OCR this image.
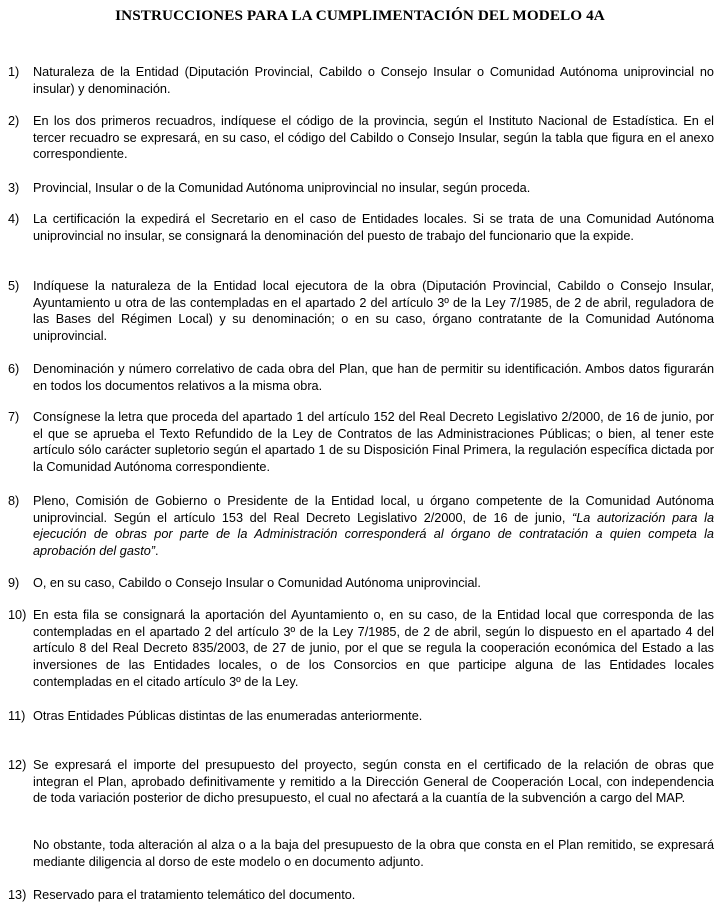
INSTRUCCIONES PARA LA CUMPLIMENTACIÓN DEL MODELO 4A
1) Naturaleza de la Entidad (Diputación Provincial, Cabildo o Consejo Insular o Comunidad Autónoma uniprovincial no insular) y denominación.
2) En los dos primeros recuadros, indíquese el código de la provincia, según el Instituto Nacional de Estadística. En el tercer recuadro se expresará, en su caso, el código del Cabildo o Consejo Insular, según la tabla que figura en el anexo correspondiente.
3) Provincial, Insular o de la Comunidad Autónoma uniprovincial no insular, según proceda.
4) La certificación la expedirá el Secretario en el caso de Entidades locales. Si se trata de una Comunidad Autónoma uniprovincial no insular, se consignará la denominación del puesto de trabajo del funcionario que la expide.
5) Indíquese la naturaleza de la Entidad local ejecutora de la obra (Diputación Provincial, Cabildo o Consejo Insular, Ayuntamiento u otra de las contempladas en el apartado 2 del artículo 3º de la Ley 7/1985, de 2 de abril, reguladora de las Bases del Régimen Local) y su denominación; o en su caso, órgano contratante de la Comunidad Autónoma uniprovincial.
6) Denominación y número correlativo de cada obra del Plan, que han de permitir su identificación. Ambos datos figurarán en todos los documentos relativos a la misma obra.
7) Consígnese la letra que proceda del apartado 1 del artículo 152 del Real Decreto Legislativo 2/2000, de 16 de junio, por el que se aprueba el Texto Refundido de la Ley de Contratos de las Administraciones Públicas; o bien, al tener este artículo sólo carácter supletorio según el apartado 1 de su Disposición Final Primera, la regulación específica dictada por la Comunidad Autónoma correspondiente.
8) Pleno, Comisión de Gobierno o Presidente de la Entidad local, u órgano competente de la Comunidad Autónoma uniprovincial. Según el artículo 153 del Real Decreto Legislativo 2/2000, de 16 de junio, “La autorización para la ejecución de obras por parte de la Administración corresponderá al órgano de contratación a quien competa la aprobación del gasto”.
9) O, en su caso, Cabildo o Consejo Insular o Comunidad Autónoma uniprovincial.
10) En esta fila se consignará la aportación del Ayuntamiento o, en su caso, de la Entidad local que corresponda de las contempladas en el apartado 2 del artículo 3º de la Ley 7/1985, de 2 de abril, según lo dispuesto en el apartado 4 del artículo 8 del Real Decreto 835/2003, de 27 de junio, por el que se regula la cooperación económica del Estado a las inversiones de las Entidades locales, o de los Consorcios en que participe alguna de las Entidades locales contempladas en el citado artículo 3º de la Ley.
11) Otras Entidades Públicas distintas de las enumeradas anteriormente.
12) Se expresará el importe del presupuesto del proyecto, según consta en el certificado de la relación de obras que integran el Plan, aprobado definitivamente y remitido a la Dirección General de Cooperación Local, con independencia de toda variación posterior de dicho presupuesto, el cual no afectará a la cuantía de la subvención a cargo del MAP.
No obstante, toda alteración al alza o a la baja del presupuesto de la obra que consta en el Plan remitido, se expresará mediante diligencia al dorso de este modelo o en documento adjunto.
13) Reservado para el tratamiento telemático del documento.
